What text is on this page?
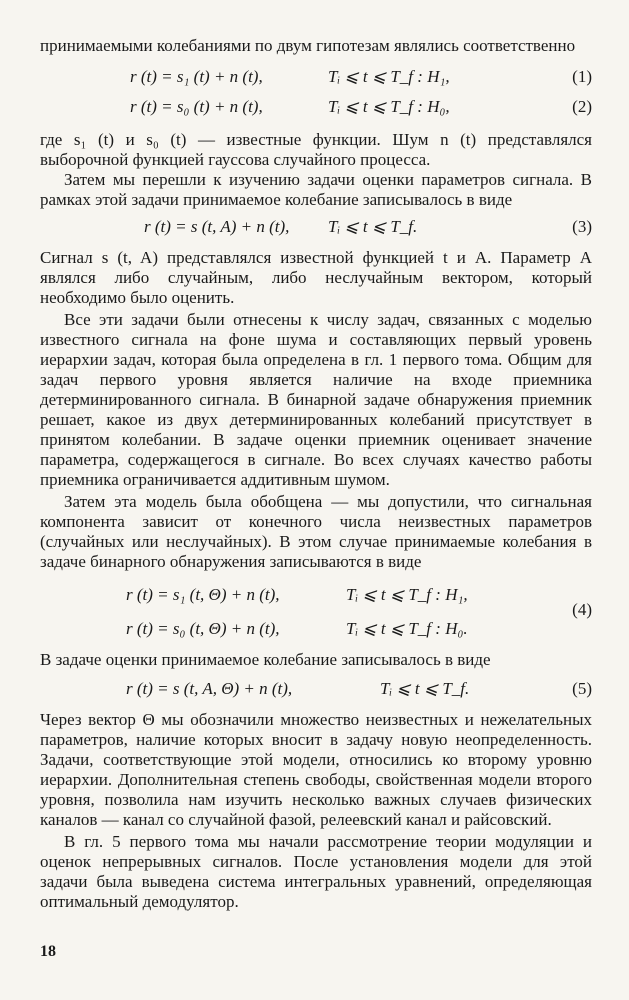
принимаемыми колебаниями по двум гипотезам являлись соответственно

r (t) = s₁ (t) + n (t),	Tᵢ ⩽ t ⩽ T_f : H₁,	(1)
r (t) = s₀ (t) + n (t),	Tᵢ ⩽ t ⩽ T_f : H₀,	(2)

где s₁ (t) и s₀ (t) — известные функции. Шум n (t) представлялся выборочной функцией гауссова случайного процесса.

Затем мы перешли к изучению задачи оценки параметров сигнала. В рамках этой задачи принимаемое колебание записывалось в виде

r (t) = s (t, A) + n (t), Tᵢ ⩽ t ⩽ T_f.	(3)

Сигнал s (t, A) представлялся известной функцией t и A. Параметр A являлся либо случайным, либо неслучайным вектором, который необходимо было оценить.

Все эти задачи были отнесены к числу задач, связанных с моделью известного сигнала на фоне шума и составляющих первый уровень иерархии задач, которая была определена в гл. 1 первого тома. Общим для задач первого уровня является наличие на входе приемника детерминированного сигнала. В бинарной задаче обнаружения приемник решает, какое из двух детерминированных колебаний присутствует в принятом колебании. В задаче оценки приемник оценивает значение параметра, содержащегося в сигнале. Во всех случаях качество работы приемника ограничивается аддитивным шумом.

Затем эта модель была обобщена — мы допустили, что сигнальная компонента зависит от конечного числа неизвестных параметров (случайных или неслучайных). В этом случае принимаемые колебания в задаче бинарного обнаружения записываются в виде

r (t) = s₁ (t, Θ) + n (t),	Tᵢ ⩽ t ⩽ T_f : H₁,
r (t) = s₀ (t, Θ) + n (t),	Tᵢ ⩽ t ⩽ T_f : H₀.
(4)

В задаче оценки принимаемое колебание записывалось в виде

r (t) = s (t, A, Θ) + n (t),	Tᵢ ⩽ t ⩽ T_f.	(5)

Через вектор Θ мы обозначили множество неизвестных и нежелательных параметров, наличие которых вносит в задачу новую неопределенность. Задачи, соответствующие этой модели, относились ко второму уровню иерархии. Дополнительная степень свободы, свойственная модели второго уровня, позволила нам изучить несколько важных случаев физических каналов — канал со случайной фазой, релеевский канал и райсовский.

В гл. 5 первого тома мы начали рассмотрение теории модуляции и оценок непрерывных сигналов. После установления модели для этой задачи была выведена система интегральных уравнений, определяющая оптимальный демодулятор.

18
